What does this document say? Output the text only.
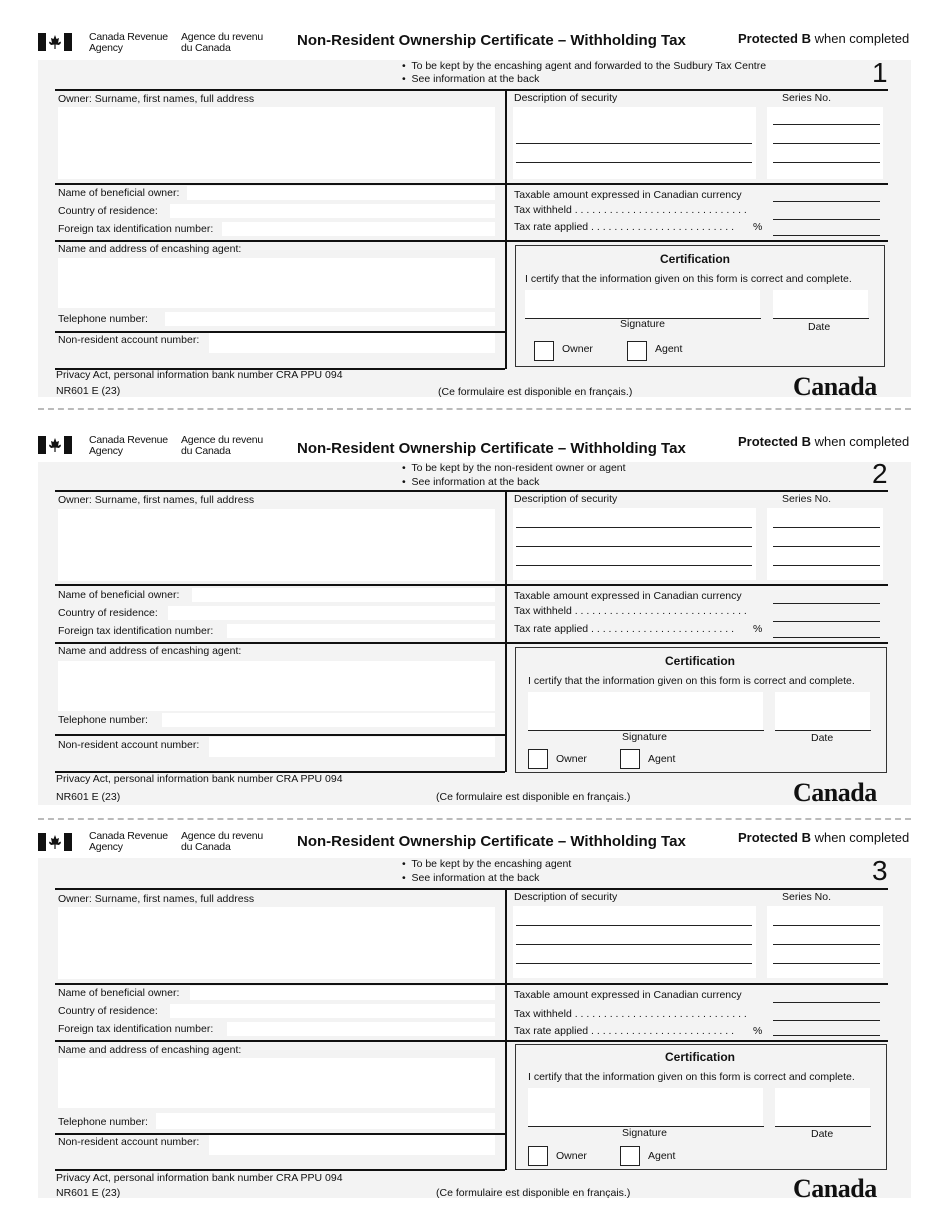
Canada Revenue
Agency
Agence du revenu
du Canada	Non-Resident Ownership Certificate – Withholding Tax	Protected B when completed
•  To be kept by the encashing agent and forwarded to the Sudbury Tax Centre
•  See information at the back	1
Owner: Surname, first names, full address	Description of security	Series No.
Name of beneficial owner:
Country of residence:
Foreign tax identification number:
Taxable amount expressed in Canadian currency
Tax withheld . . . . . . . . . . . . . . . . . . . . . . . . . . . . . .
Tax rate applied . . . . . . . . . . . . . . . . . . . . . . . . . %
Name and address of encashing agent:
Telephone number:
Non-resident account number:
Certification
I certify that the information given on this form is correct and complete.
Signature	Date
Owner	Agent
Privacy Act, personal information bank number CRA PPU 094
NR601 E (23)	(Ce formulaire est disponible en français.)	Canada
Canada Revenue
Agency
Agence du revenu
du Canada	Non-Resident Ownership Certificate – Withholding Tax	Protected B when completed
•  To be kept by the non-resident owner or agent
•  See information at the back	2
Owner: Surname, first names, full address	Description of security	Series No.
Name of beneficial owner:
Country of residence:
Foreign tax identification number:
Taxable amount expressed in Canadian currency
Tax withheld . . . . . . . . . . . . . . . . . . . . . . . . . . . . . .
Tax rate applied . . . . . . . . . . . . . . . . . . . . . . . . . %
Name and address of encashing agent:
Telephone number:
Non-resident account number:
Certification
I certify that the information given on this form is correct and complete.
Signature	Date
Owner	Agent
Privacy Act, personal information bank number CRA PPU 094
NR601 E (23)	(Ce formulaire est disponible en français.)	Canada
Canada Revenue
Agency
Agence du revenu
du Canada	Non-Resident Ownership Certificate – Withholding Tax	Protected B when completed
•  To be kept by the encashing agent
•  See information at the back	3
Owner: Surname, first names, full address	Description of security	Series No.
Name of beneficial owner:
Country of residence:
Foreign tax identification number:
Taxable amount expressed in Canadian currency
Tax withheld . . . . . . . . . . . . . . . . . . . . . . . . . . . . . .
Tax rate applied . . . . . . . . . . . . . . . . . . . . . . . . . %
Name and address of encashing agent:
Telephone number:
Non-resident account number:
Certification
I certify that the information given on this form is correct and complete.
Signature	Date
Owner	Agent
Privacy Act, personal information bank number CRA PPU 094
NR601 E (23)	(Ce formulaire est disponible en français.)	Canada
